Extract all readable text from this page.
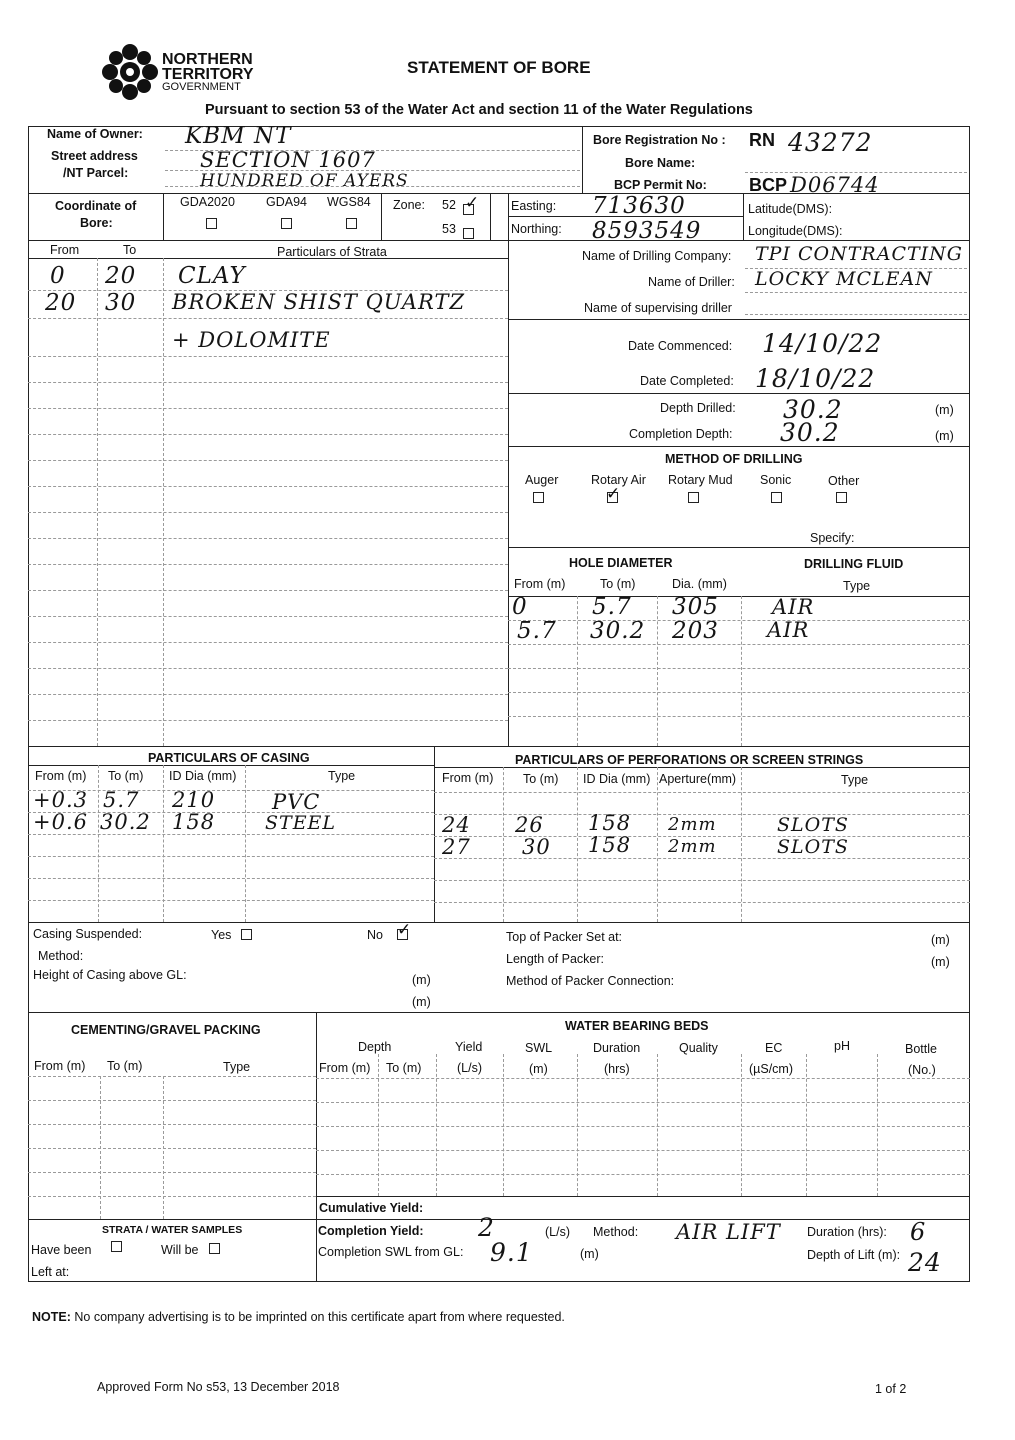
NORTHERN
TERRITORY
GOVERNMENT
STATEMENT OF BORE
Pursuant to section 53 of the Water Act and section 11 of the Water Regulations
Name of Owner: KBM NT
Street address
/NT Parcel:
SECTION 1607
HUNDRED OF AYERS
Bore Registration No : RN 43272
Bore Name:
BCP Permit No: BCP D06744
Coordinate of
Bore:
GDA2020 GDA94 WGS84 Zone: 52 ✓
53
Easting: 713630
Northing: 8593549
Latitude(DMS):
Longitude(DMS):
From	To	Particulars of Strata
0 20 CLAY
20 30 BROKEN SHIST QUARTZ
+ DOLOMITE
Name of Drilling Company: TPI CONTRACTING
Name of Driller: LOCKY MCLEAN
Name of supervising driller
Date Commenced: 14/10/22
Date Completed: 18/10/22
Depth Drilled: 30.2	(m)
Completion Depth: 30.2	(m)
METHOD OF DRILLING
Auger	Rotary Air
✓
Rotary Mud Sonic	Other
Specify:
HOLE DIAMETER	DRILLING FLUID
From (m)	To (m)	Dia. (mm)	Type
0	5.7 305	AIR
5.7 30.2 203 AIR
PARTICULARS OF CASING
From (m) To (m) ID Dia (mm)	Type
+0.3 5.7 210	PVC
+0.6 30.2 158	STEEL
PARTICULARS OF PERFORATIONS OR SCREEN STRINGS
From (m) To (m) ID Dia (mm) Aperture(mm)	Type
24 26 158 2mm	SLOTS
27 30 158 2mm	SLOTS
Casing Suspended:	Yes	No ✓
Method:
Height of Casing above GL:	(m)
(m)
Top of Packer Set at:	(m)
Length of Packer:	(m)
Method of Packer Connection:
CEMENTING/GRAVEL PACKING
From (m) To (m)	Type
WATER BEARING BEDS
Depth
From (m) To (m)
Yield
(L/s)
SWL
(m)
Duration
(hrs)
Quality	EC
(µS/cm)
pH	Bottle
(No.)
Cumulative Yield:
Completion Yield: 2	(L/s) Method: AIR LIFT Duration (hrs): 6
Completion SWL from GL: 9.1	(m)	Depth of Lift (m): 24
STRATA / WATER SAMPLES
Have been	Will be
Left at:
NOTE: No company advertising is to be imprinted on this certificate apart from where requested.
Approved Form No s53, 13 December 2018	1 of 2
